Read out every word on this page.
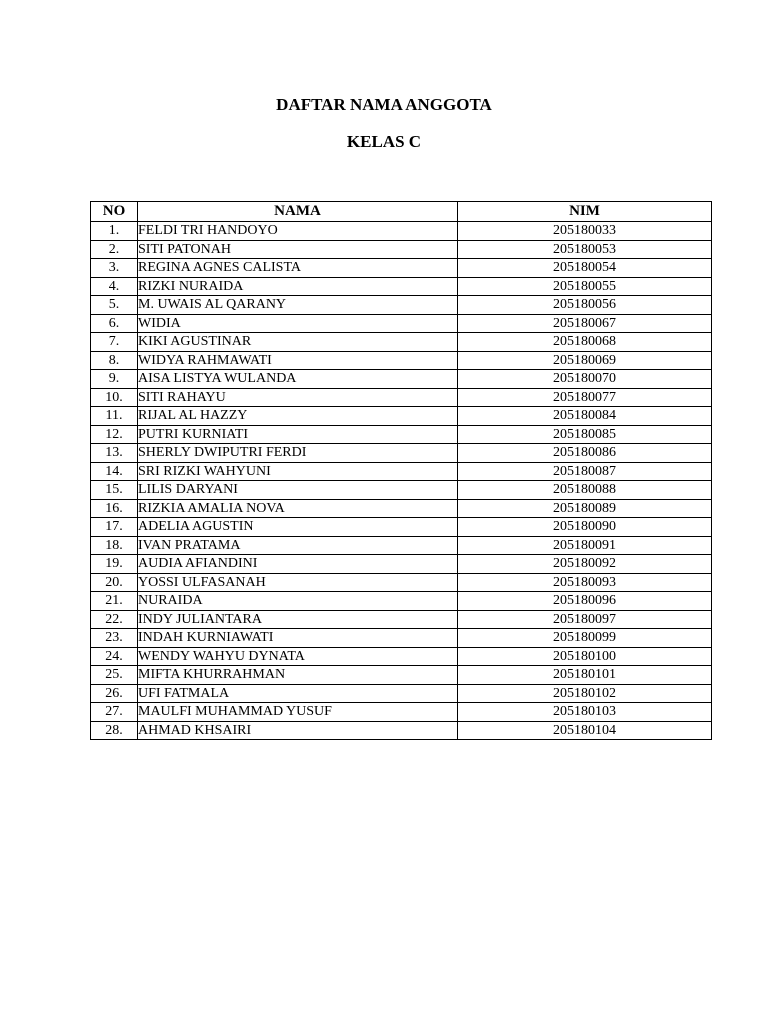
DAFTAR NAMA ANGGOTA
KELAS C
NO	NAMA	NIM
1.	FELDI TRI HANDOYO	205180033
2.	SITI PATONAH	205180053
3.	REGINA AGNES CALISTA	205180054
4.	RIZKI NURAIDA	205180055
5.	M. UWAIS AL QARANY	205180056
6.	WIDIA	205180067
7.	KIKI AGUSTINAR	205180068
8.	WIDYA RAHMAWATI	205180069
9.	AISA LISTYA WULANDA	205180070
10.	SITI RAHAYU	205180077
11.	RIJAL AL HAZZY	205180084
12.	PUTRI KURNIATI	205180085
13.	SHERLY DWIPUTRI FERDI	205180086
14.	SRI RIZKI WAHYUNI	205180087
15.	LILIS DARYANI	205180088
16.	RIZKIA AMALIA NOVA	205180089
17.	ADELIA AGUSTIN	205180090
18.	IVAN PRATAMA	205180091
19.	AUDIA AFIANDINI	205180092
20.	YOSSI ULFASANAH	205180093
21.	NURAIDA	205180096
22.	INDY JULIANTARA	205180097
23.	INDAH KURNIAWATI	205180099
24.	WENDY WAHYU DYNATA	205180100
25.	MIFTA KHURRAHMAN	205180101
26.	UFI FATMALA	205180102
27.	MAULFI MUHAMMAD YUSUF	205180103
28.	AHMAD KHSAIRI	205180104
